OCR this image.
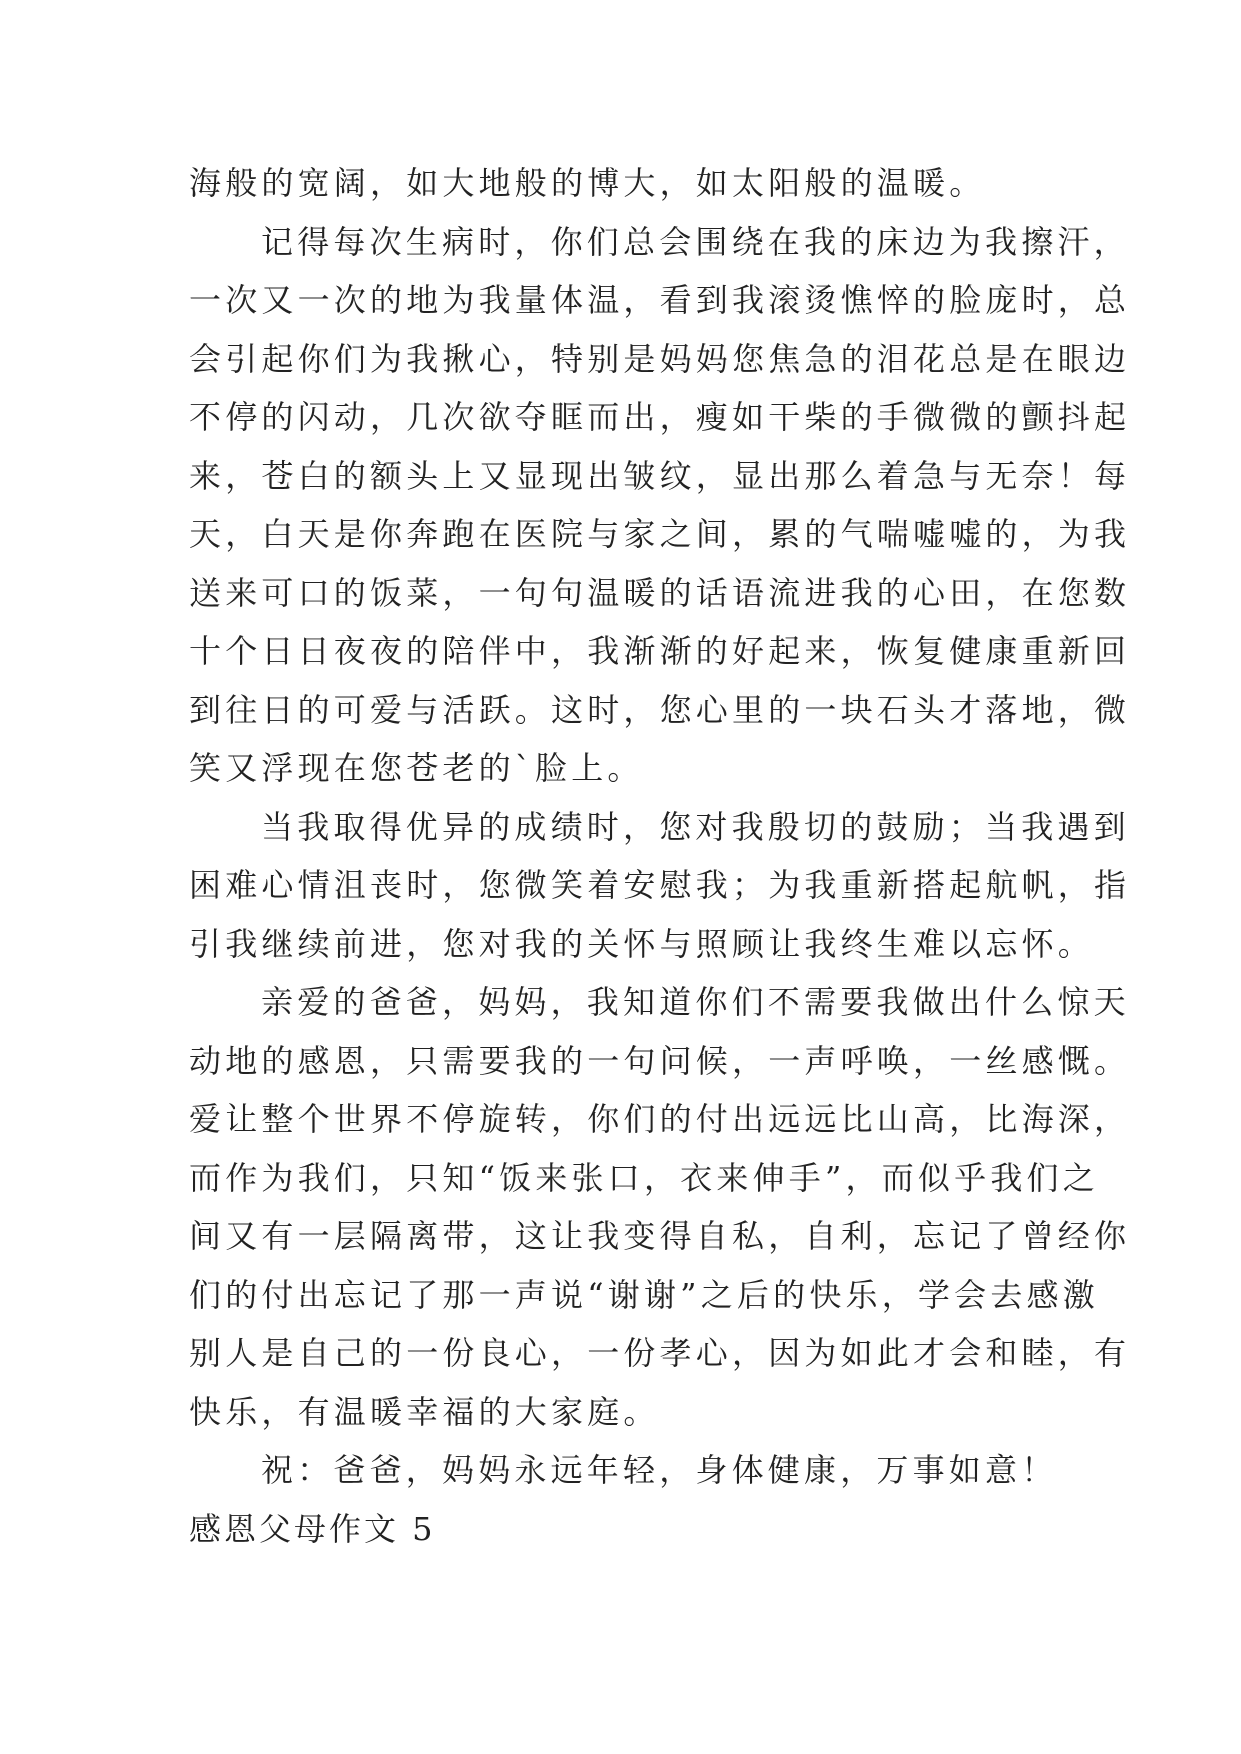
海般的宽阔，如大地般的博大，如太阳般的温暖。
记得每次生病时，你们总会围绕在我的床边为我擦汗，
一次又一次的地为我量体温，看到我滚烫憔悴的脸庞时，总
会引起你们为我揪心，特别是妈妈您焦急的泪花总是在眼边
不停的闪动，几次欲夺眶而出，瘦如干柴的手微微的颤抖起
来，苍白的额头上又显现出皱纹，显出那么着急与无奈！每
天，白天是你奔跑在医院与家之间，累的气喘嘘嘘的，为我
送来可口的饭菜，一句句温暖的话语流进我的心田，在您数
十个日日夜夜的陪伴中，我渐渐的好起来，恢复健康重新回
到往日的可爱与活跃。这时，您心里的一块石头才落地，微
笑又浮现在您苍老的`脸上。
当我取得优异的成绩时，您对我殷切的鼓励；当我遇到
困难心情沮丧时，您微笑着安慰我；为我重新搭起航帆，指
引我继续前进，您对我的关怀与照顾让我终生难以忘怀。
亲爱的爸爸，妈妈，我知道你们不需要我做出什么惊天
动地的感恩，只需要我的一句问候，一声呼唤，一丝感慨。
爱让整个世界不停旋转，你们的付出远远比山高，比海深，
而作为我们，只知“饭来张口，衣来伸手”，而似乎我们之
间又有一层隔离带，这让我变得自私，自利，忘记了曾经你
们的付出忘记了那一声说“谢谢”之后的快乐，学会去感激
别人是自己的一份良心，一份孝心，因为如此才会和睦，有
快乐，有温暖幸福的大家庭。
祝：爸爸，妈妈永远年轻，身体健康，万事如意！
感恩父母作文 5
